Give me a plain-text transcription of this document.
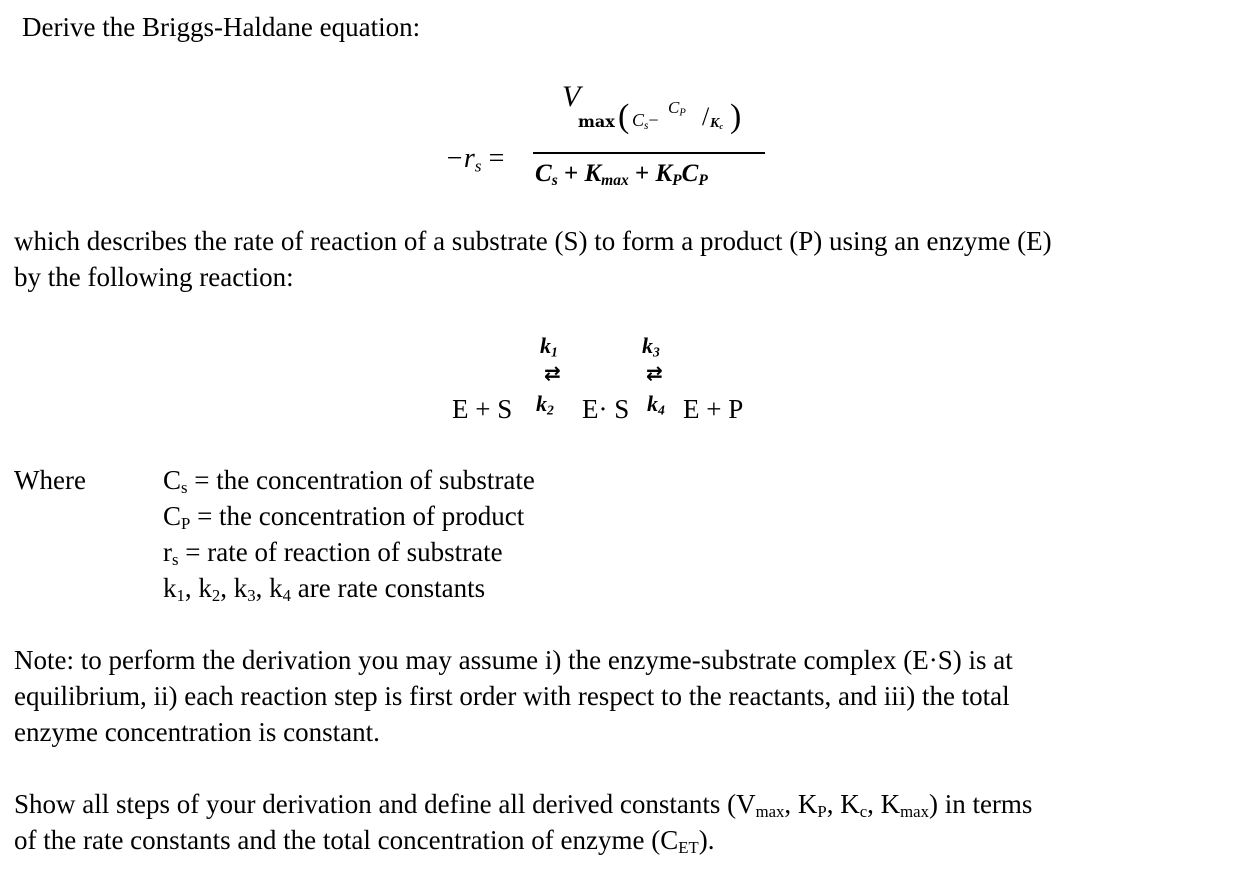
Derive the Briggs-Haldane equation:
$-r_s$ =
V
max ( $C_s-$
$C_P / K_c$ )
$C_s + K_{max} + K_PC_P$
which describes the rate of reaction of a substrate (S) to form a product (P) using an enzyme (E)
by the following reaction:
$k_1$	$k_3$
⇄	⇄
E + S $k_2$ E· S $k_4$ E + P
Where	$C_s$ = the concentration of substrate
$C_P$ = the concentration of product
$r_s$ = rate of reaction of substrate
$k_1$, $k_2$, $k_3$, $k_4$ are rate constants
Note: to perform the derivation you may assume i) the enzyme-substrate complex (E·S) is at
equilibrium, ii) each reaction step is first order with respect to the reactants, and iii) the total
enzyme concentration is constant.
Show all steps of your derivation and define all derived constants ($V_{max}$, $K_P$, $K_c$, $K_{max}$) in terms
of the rate constants and the total concentration of enzyme $(C_{ET})$.
